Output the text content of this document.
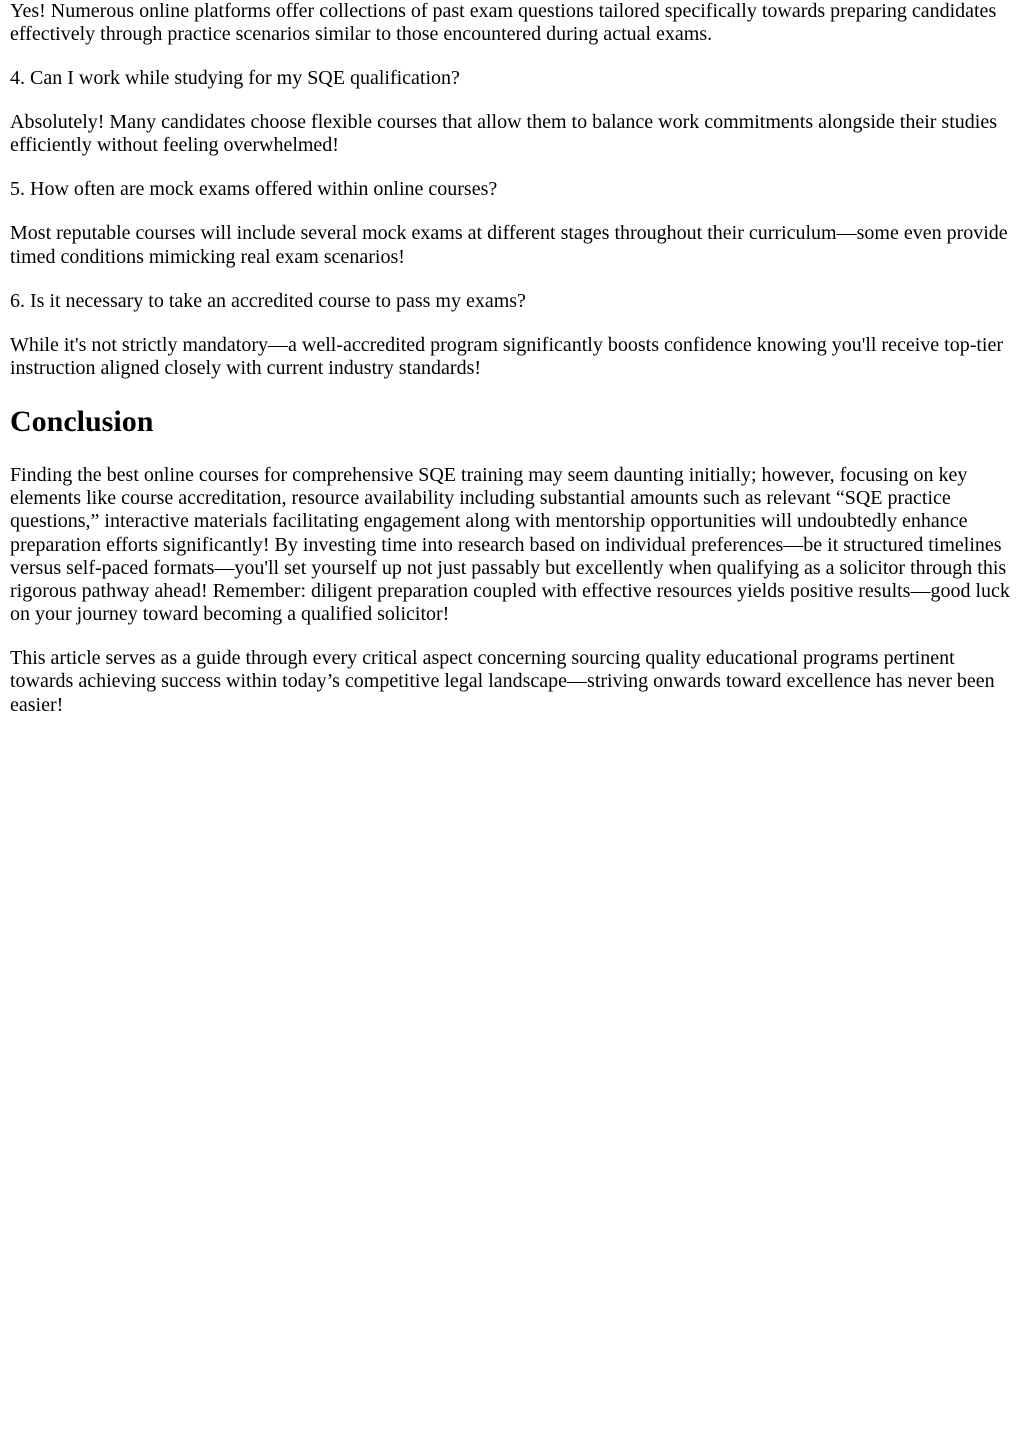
Yes! Numerous online platforms offer collections of past exam questions tailored specifically towards preparing candidates effectively through practice scenarios similar to those encountered during actual exams.

4. Can I work while studying for my SQE qualification?

Absolutely! Many candidates choose flexible courses that allow them to balance work commitments alongside their studies efficiently without feeling overwhelmed!

5. How often are mock exams offered within online courses?

Most reputable courses will include several mock exams at different stages throughout their curriculum—some even provide timed conditions mimicking real exam scenarios!

6. Is it necessary to take an accredited course to pass my exams?

While it's not strictly mandatory—a well-accredited program significantly boosts confidence knowing you'll receive top-tier instruction aligned closely with current industry standards!

Conclusion

Finding the best online courses for comprehensive SQE training may seem daunting initially; however, focusing on key elements like course accreditation, resource availability including substantial amounts such as relevant “SQE practice questions,” interactive materials facilitating engagement along with mentorship opportunities will undoubtedly enhance preparation efforts significantly! By investing time into research based on individual preferences—be it structured timelines versus self-paced formats—you'll set yourself up not just passably but excellently when qualifying as a solicitor through this rigorous pathway ahead! Remember: diligent preparation coupled with effective resources yields positive results—good luck on your journey toward becoming a qualified solicitor!

This article serves as a guide through every critical aspect concerning sourcing quality educational programs pertinent towards achieving success within today’s competitive legal landscape—striving onwards toward excellence has never been easier!
